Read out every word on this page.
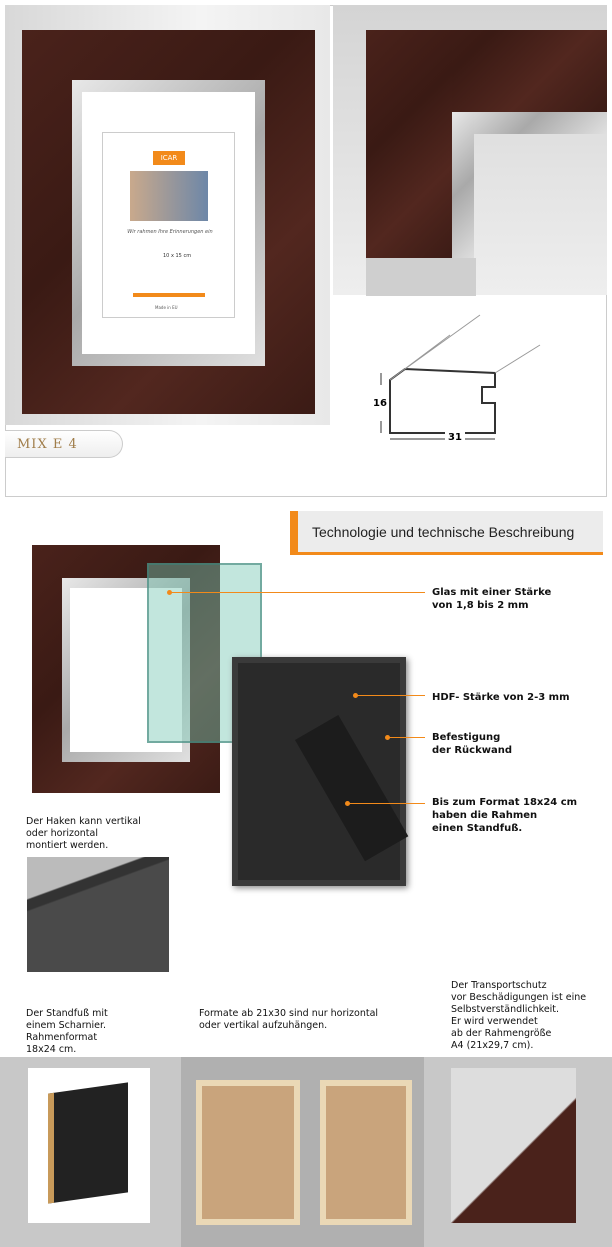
ICAR
Wir rahmen Ihre Erinnerungen ein
10 x 15 cm
Made in EU
MIX E 4
16
31
Technologie und technische Beschreibung
Glas mit einer Stärke
von 1,8 bis 2 mm
HDF- Stärke von 2-3 mm
Befestigung
der Rückwand
Bis zum Format 18x24 cm
haben die Rahmen
einen Standfuß.
Der Haken kann vertikal
oder horizontal
montiert werden.
Der Standfuß mit
einem Scharnier.
Rahmenformat
18x24 cm.
Formate ab 21x30 sind nur horizontal
oder vertikal aufzuhängen.
Der Transportschutz
vor Beschädigungen ist eine
Selbstverständlichkeit.
Er wird verwendet
ab der Rahmengröße
A4 (21x29,7 cm).
